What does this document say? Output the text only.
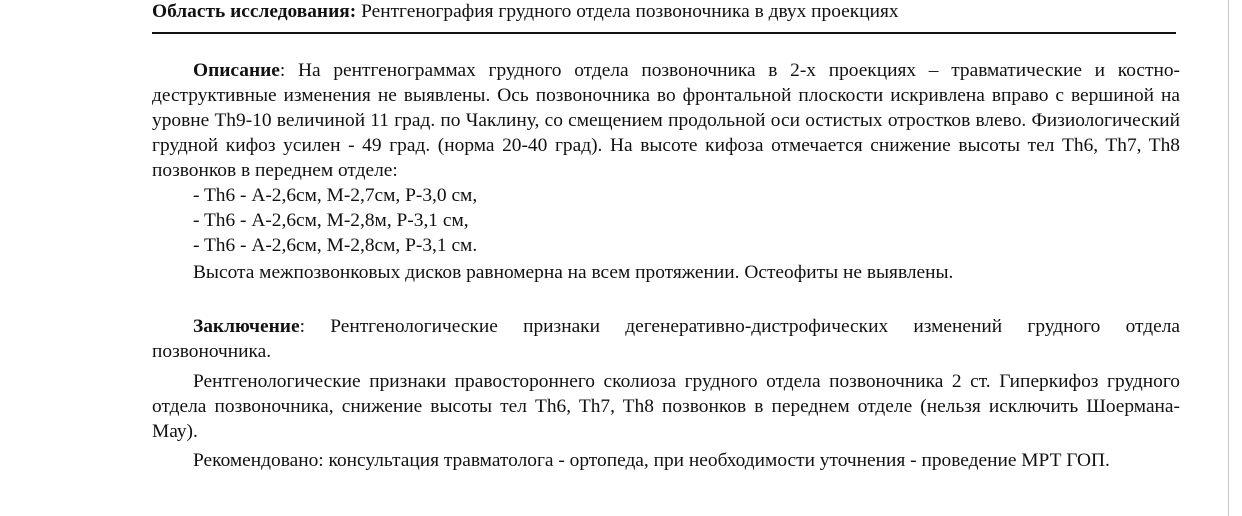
Область исследования: Рентгенография грудного отдела позвоночника в двух проекциях
Описание: На рентгенограммах грудного отдела позвоночника в 2-х проекциях – травматические и костно-деструктивные изменения не выявлены. Ось позвоночника во фронтальной плоскости искривлена вправо с вершиной на уровне Th9-10 величиной 11 град. по Чаклину, со смещением продольной оси остистых отростков влево. Физиологический грудной кифоз усилен - 49 град. (норма 20-40 град). На высоте кифоза отмечается снижение высоты тел Th6, Th7, Th8 позвонков в переднем отделе:
- Th6 - А-2,6см, М-2,7см, Р-3,0 см,
- Th6 - А-2,6см, М-2,8м, Р-3,1 см,
- Th6 - А-2,6см, М-2,8см, Р-3,1 см.
Высота межпозвонковых дисков равномерна на всем протяжении. Остеофиты не выявлены.
Заключение: Рентгенологические признаки дегенеративно-дистрофических изменений грудного отдела позвоночника.
Рентгенологические признаки правостороннего сколиоза грудного отдела позвоночника 2 ст. Гиперкифоз грудного отдела позвоночника, снижение высоты тел Th6, Th7, Th8 позвонков в переднем отделе (нельзя исключить Шоермана-Мау).
Рекомендовано: консультация травматолога - ортопеда, при необходимости уточнения - проведение МРТ ГОП.
